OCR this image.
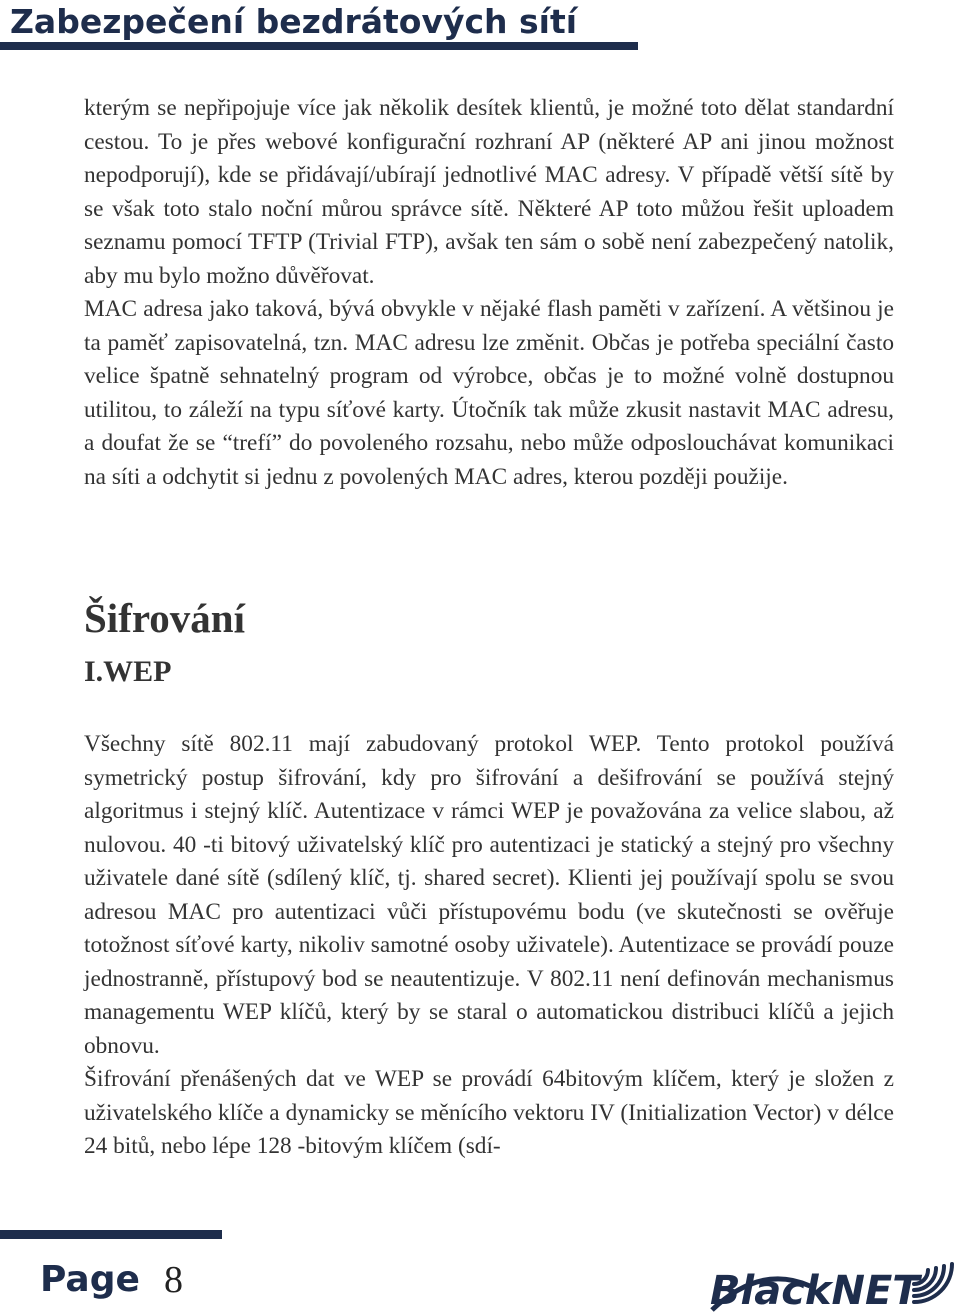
Zabezpečení bezdrátových sítí

kterým se nepřipojuje více jak několik desítek klientů, je možné toto dělat standardní cestou. To je přes webové konfigurační rozhraní AP (některé AP ani jinou možnost nepodporují), kde se přidávají/ubírají jednotlivé MAC adresy. V případě větší sítě by se však toto stalo noční můrou správce sítě. Některé AP toto můžou řešit uploadem seznamu pomocí TFTP (Trivial FTP), avšak ten sám o sobě není zabezpečený natolik, aby mu bylo možno důvěřovat.

MAC adresa jako taková, bývá obvykle v nějaké flash paměti v zařízení. A většinou je ta paměť zapisovatelná, tzn. MAC adresu lze změnit. Občas je potřeba speciální často velice špatně sehnatelný program od výrobce, občas je to možné volně dostupnou utilitou, to záleží na typu síťové karty. Útočník tak může zkusit nastavit MAC adresu, a doufat že se “trefí” do povoleného rozsahu, nebo může odposlouchávat komunikaci na síti a odchytit si jednu z povolených MAC adres, kterou později použije.

Šifrování
I.WEP

Všechny sítě 802.11 mají zabudovaný protokol WEP. Tento protokol používá symetrický postup šifrování, kdy pro šifrování a dešifrování se používá stejný algoritmus i stejný klíč. Autentizace v rámci WEP je považována za velice slabou, až nulovou. 40 -ti bitový uživatelský klíč pro autentizaci je statický a stejný pro všechny uživatele dané sítě (sdílený klíč, tj. shared secret). Klienti jej používají spolu se svou adresou MAC pro autentizaci vůči přístupovému bodu (ve skutečnosti se ověřuje totožnost síťové karty, nikoliv samotné osoby uživatele). Autentizace se provádí pouze jednostranně, přístupový bod se neautentizuje. V 802.11 není definován mechanismus managementu WEP klíčů, který by se staral o automatickou distribuci klíčů a jejich obnovu.

Šifrování přenášených dat ve WEP se provádí 64bitovým klíčem, který je složen z uživatelského klíče a dynamicky se měnícího vektoru IV (Initialization Vector) v délce 24 bitů, nebo lépe 128 -bitovým klíčem (sdí-

Page 8	BlackNET
